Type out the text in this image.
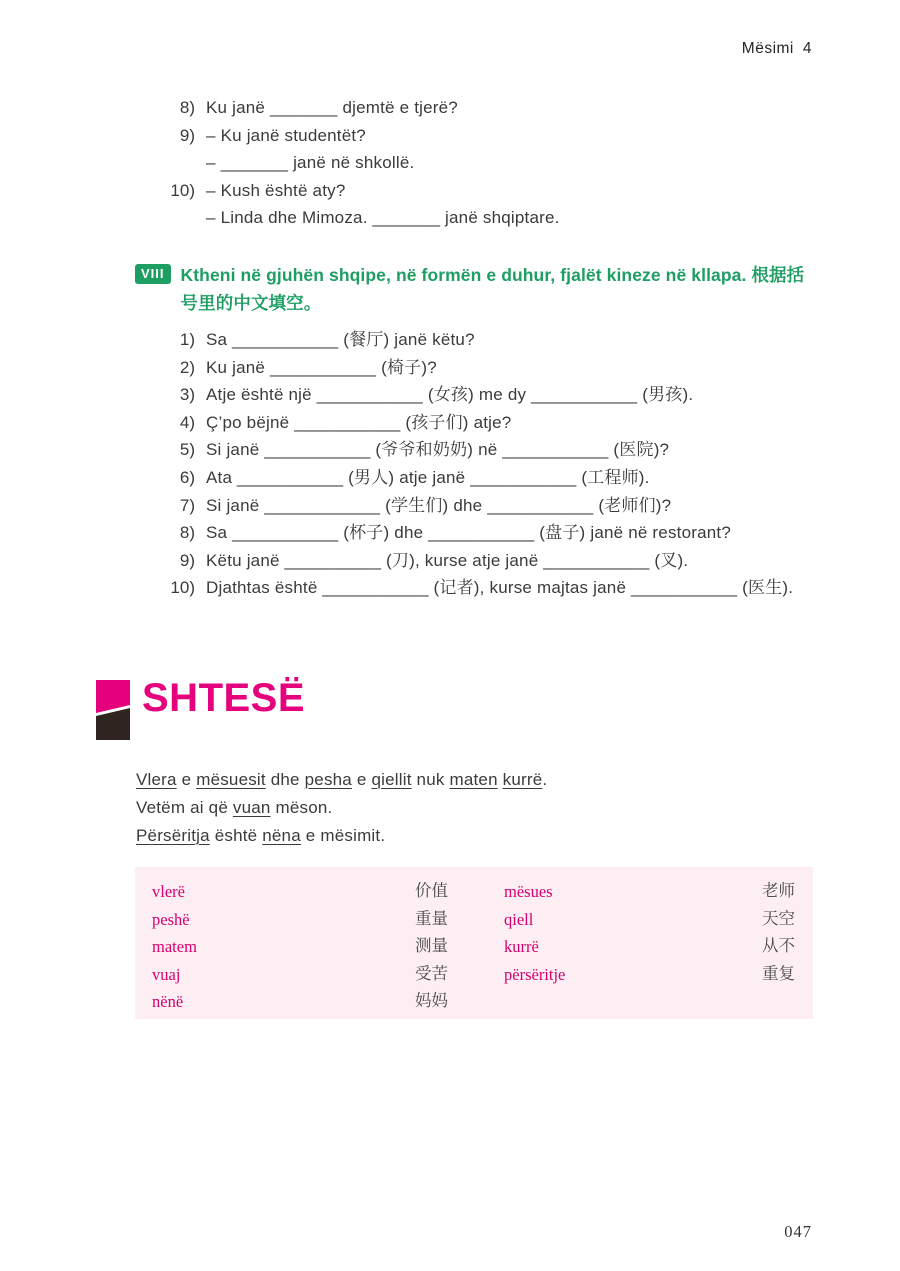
Mësimi 4
8) Ku janë _______ djemtë e tjerë?
9) – Ku janë studentët?
– _______ janë në shkollë.
10) – Kush është aty?
– Linda dhe Mimoza. _______ janë shqiptare.
VIII Ktheni në gjuhën shqipe, në formën e duhur, fjalët kineze në kllapa. 根据括号里的中文填空。
1) Sa ___________ (餐厅) janë këtu?
2) Ku janë ___________ (椅子)?
3) Atje është një ___________ (女孩) me dy ___________ (男孩).
4) Ç’po bëjnë ___________ (孩子们) atje?
5) Si janë ___________ (爷爷和奶奶) në ___________ (医院)?
6) Ata ___________ (男人) atje janë ___________ (工程师).
7) Si janë ____________ (学生们) dhe ___________ (老师们)?
8) Sa ___________ (杯子) dhe ___________ (盘子) janë në restorant?
9) Këtu janë __________ (刀), kurse atje janë ___________ (叉).
10) Djathtas është ___________ (记者), kurse majtas janë ___________ (医生).
SHTESË
Vlera e mësuesit dhe pesha e qiellit nuk maten kurrë.
Vetëm ai që vuan mëson.
Përsëritja është nëna e mësimit.
vlerë	价值
peshë	重量
matem	测量
vuaj	受苦
nënë	妈妈
mësues	老师
qiell	天空
kurrë	从不
përsëritje	重复
047
